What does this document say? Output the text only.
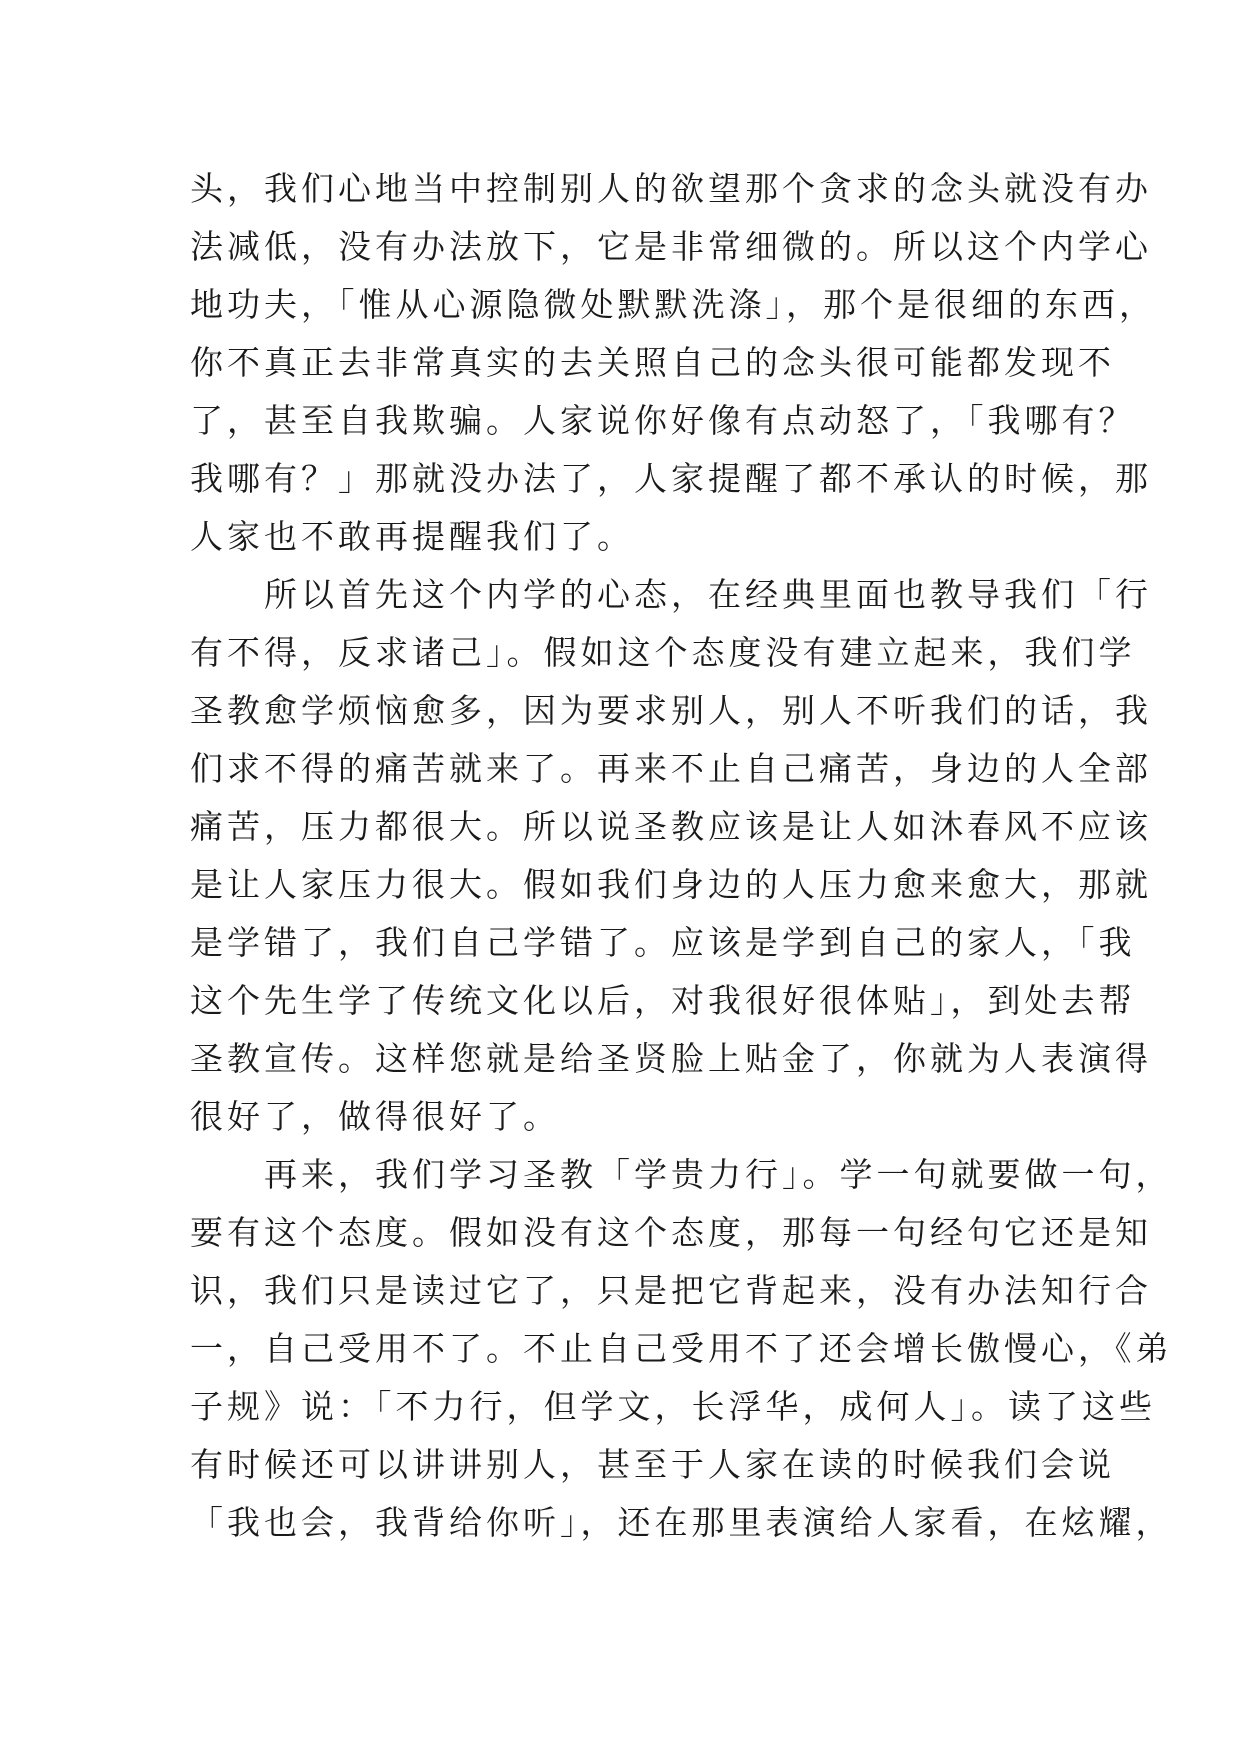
头，我们心地当中控制别人的欲望那个贪求的念头就没有办
法减低，没有办法放下，它是非常细微的。所以这个内学心
地功夫，「惟从心源隐微处默默洗涤」，那个是很细的东西，
你不真正去非常真实的去关照自己的念头很可能都发现不
了，甚至自我欺骗。人家说你好像有点动怒了，「我哪有？
我哪有？」那就没办法了，人家提醒了都不承认的时候，那
人家也不敢再提醒我们了。
　　所以首先这个内学的心态，在经典里面也教导我们「行
有不得，反求诸己」。假如这个态度没有建立起来，我们学
圣教愈学烦恼愈多，因为要求别人，别人不听我们的话，我
们求不得的痛苦就来了。再来不止自己痛苦，身边的人全部
痛苦，压力都很大。所以说圣教应该是让人如沐春风不应该
是让人家压力很大。假如我们身边的人压力愈来愈大，那就
是学错了，我们自己学错了。应该是学到自己的家人，「我
这个先生学了传统文化以后，对我很好很体贴」，到处去帮
圣教宣传。这样您就是给圣贤脸上贴金了，你就为人表演得
很好了，做得很好了。
　　再来，我们学习圣教「学贵力行」。学一句就要做一句，
要有这个态度。假如没有这个态度，那每一句经句它还是知
识，我们只是读过它了，只是把它背起来，没有办法知行合
一，自己受用不了。不止自己受用不了还会增长傲慢心，《弟
子规》说：「不力行，但学文，长浮华，成何人」。读了这些
有时候还可以讲讲别人，甚至于人家在读的时候我们会说
「我也会，我背给你听」，还在那里表演给人家看，在炫耀，
